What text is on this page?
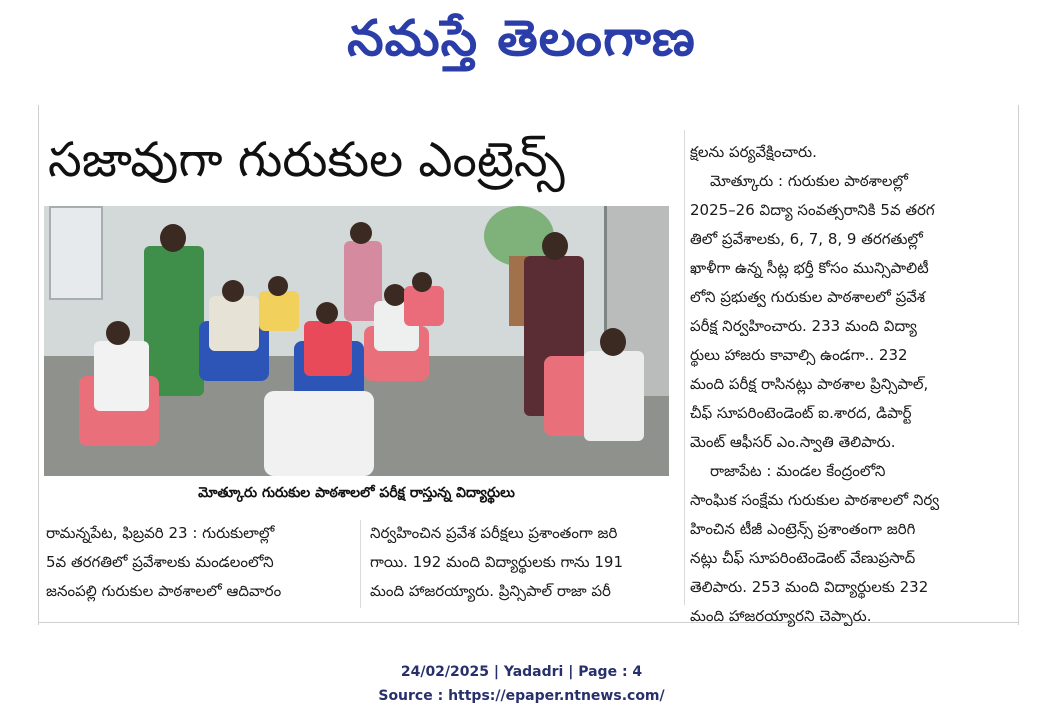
నమస్తే తెలంగాణ
సజావుగా గురుకుల ఎంట్రెన్స్
మోత్కూరు గురుకుల పాఠశాలలో పరీక్ష రాస్తున్న విద్యార్థులు
రామన్నపేట, ఫిబ్రవరి 23 : గురుకులాల్లో
5వ తరగతిలో ప్రవేశాలకు మండలంలోని
జనంపల్లి గురుకుల పాఠశాలలో ఆదివారం
నిర్వహించిన ప్రవేశ పరీక్షలు ప్రశాంతంగా జరి
గాయి. 192 మంది విద్యార్థులకు గాను 191
మంది హాజరయ్యారు. ప్రిన్సిపాల్ రాజా పరీ
క్షలను పర్యవేక్షించారు.
మోత్కూరు : గురుకుల పాఠశాలల్లో
2025–26 విద్యా సంవత్సరానికి 5వ తరగ
తిలో ప్రవేశాలకు, 6, 7, 8, 9 తరగతుల్లో
ఖాళీగా ఉన్న సీట్ల భర్తీ కోసం మున్సిపాలిటీ
లోని ప్రభుత్వ గురుకుల పాఠశాలలో ప్రవేశ
పరీక్ష నిర్వహించారు. 233 మంది విద్యా
ర్థులు హాజరు కావాల్సి ఉండగా.. 232
మంది పరీక్ష రాసినట్లు పాఠశాల ప్రిన్సిపాల్,
చీఫ్ సూపరింటెండెంట్ ఐ.శారద, డిపార్ట్
మెంట్ ఆఫీసర్ ఎం.స్వాతి తెలిపారు.
రాజాపేట : మండల కేంద్రంలోని
సాంఘిక సంక్షేమ గురుకుల పాఠశాలలో నిర్వ
హించిన టీజీ ఎంట్రెన్స్ ప్రశాంతంగా జరిగి
నట్లు చీఫ్ సూపరింటెండెంట్ వేణుప్రసాద్
తెలిపారు. 253 మంది విద్యార్థులకు 232
మంది హాజరయ్యారని చెప్పారు.
24/02/2025 | Yadadri | Page : 4
Source : https://epaper.ntnews.com/
